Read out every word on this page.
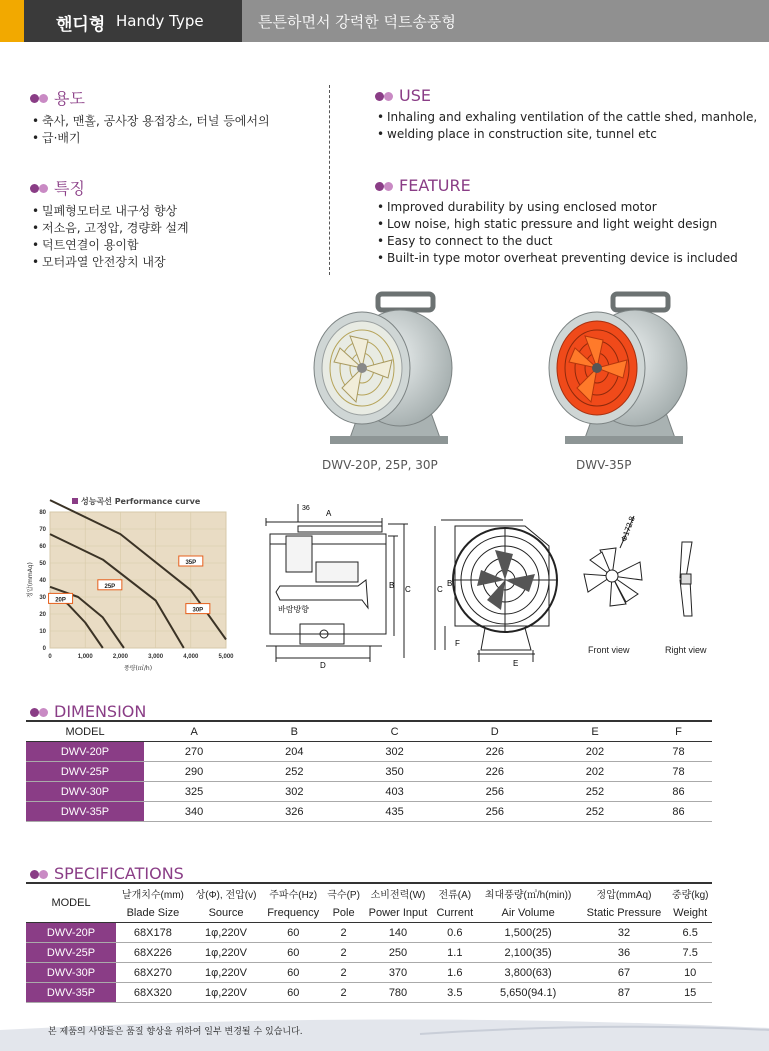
핸디형 Handy Type	튼튼하면서 강력한 덕트송풍형
용도
• 축사, 맨홀, 공사장 용접장소, 터널 등에서의
• 급·배기
특징
• 밀폐형모터로 내구성 향상
• 저소음, 고정압, 경량화 설계
• 덕트연결이 용이함
• 모터과열 안전장치 내장
USE
• Inhaling and exhaling ventilation of the cattle shed, manhole,
• welding place in construction site, tunnel etc
FEATURE
• Improved durability by using enclosed motor
• Low noise, high static pressure and light weight design
• Easy to connect to the duct
• Built-in type motor overheat preventing device is included
DWV-20P, 25P, 30P	DWV-35P
성능곡선 Performance curve
0
10
20
30
40
50
60
70
80
0	1,000	2,000	3,000	4,000	5,000
20P
25P
30P
35P
풍량(㎥/h)
정압(mmAq)
A
36
B C
D
바람방향
C
B
F
E
Φ172.8
Front view	Right view
DIMENSION
MODEL	A	B	C	D	E	F
DWV-20P	270	204	302	226	202	78
DWV-25P	290	252	350	226	202	78
DWV-30P	325	302	403	256	252	86
DWV-35P	340	326	435	256	252	86
SPECIFICATIONS
MODEL	날개치수(mm)	상(Φ), 전압(v)	주파수(Hz)	극수(P)	소비전력(W)	전류(A)	최대풍량(㎥/h(min))	정압(mmAq)	중량(kg)
	Blade Size	Source	Frequency	Pole	Power Input	Current	Air Volume	Static Pressure	Weight
DWV-20P	68X178	1φ,220V	60	2	140	0.6	1,500(25)	32	6.5
DWV-25P	68X226	1φ,220V	60	2	250	1.1	2,100(35)	36	7.5
DWV-30P	68X270	1φ,220V	60	2	370	1.6	3,800(63)	67	10
DWV-35P	68X320	1φ,220V	60	2	780	3.5	5,650(94.1)	87	15
본 제품의 사양들은 품질 향상을 위하여 일부 변경될 수 있습니다.
